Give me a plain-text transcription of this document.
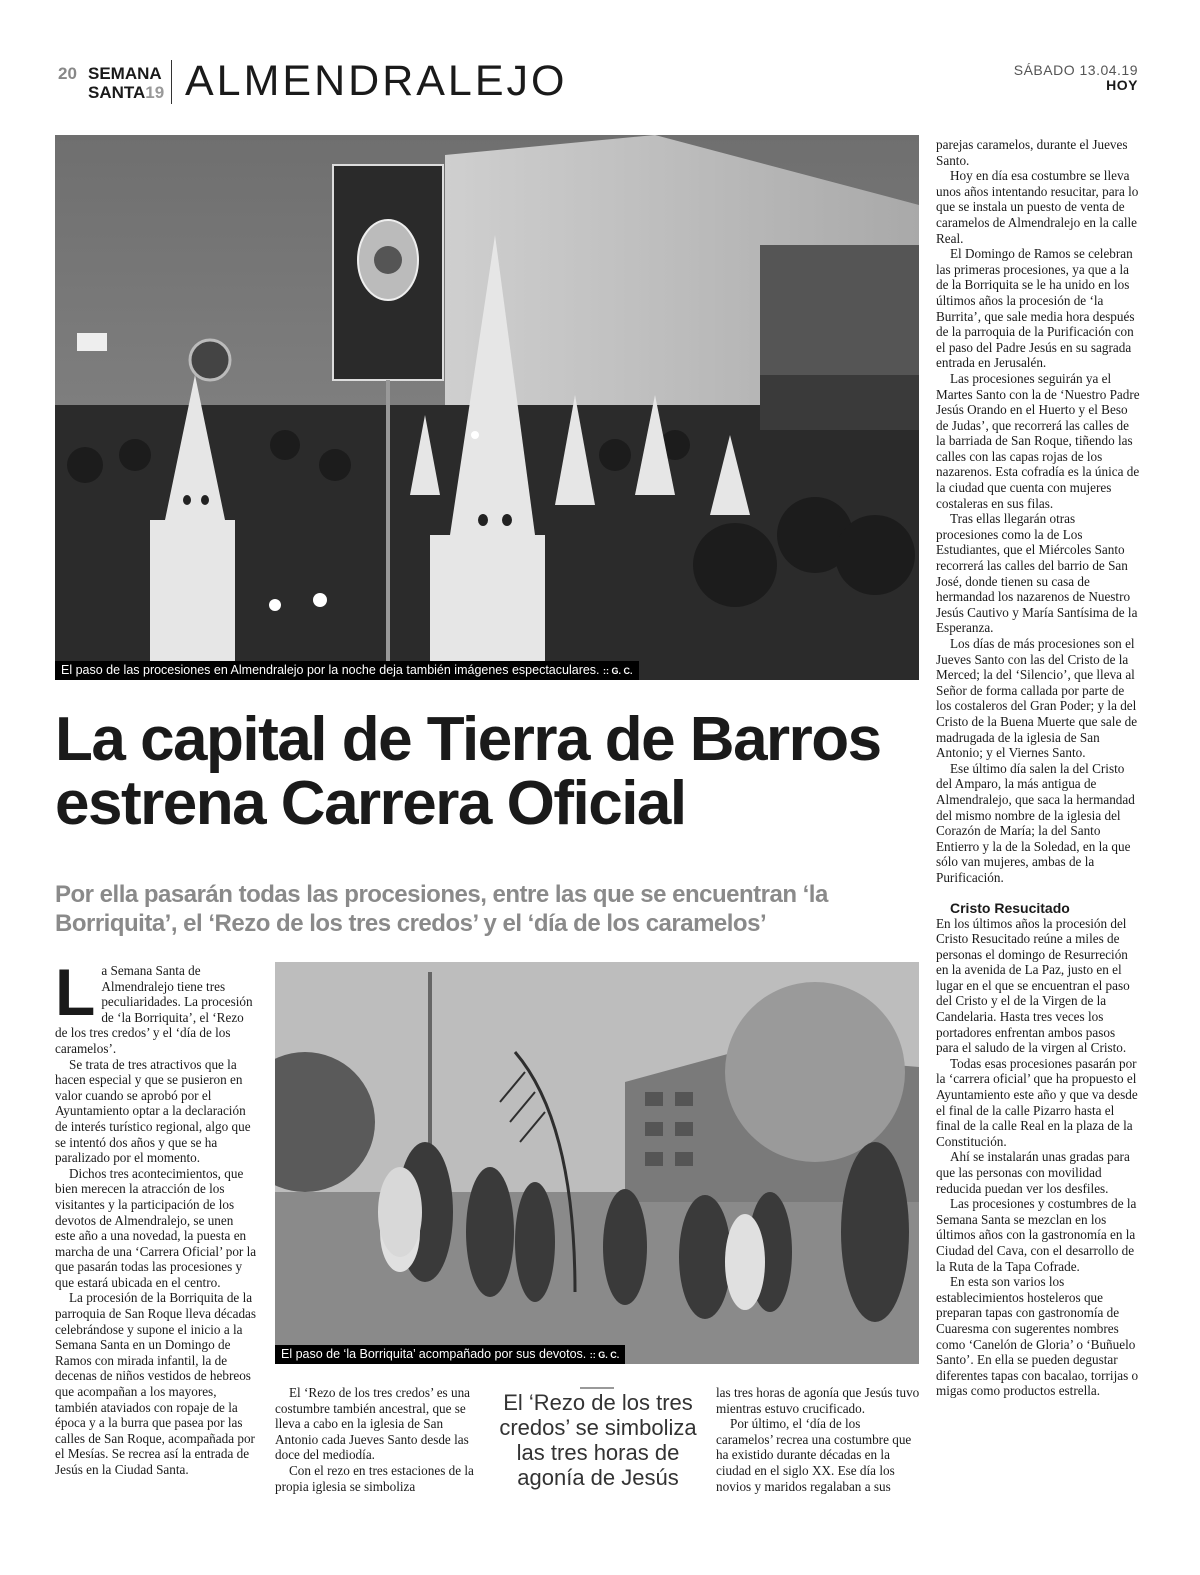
20 SEMANA
SANTA19 ALMENDRALEJO	SÁBADO 13.04.19
HOY
El paso de las procesiones en Almendralejo por la noche deja también imágenes espectaculares. :: G. C.
La capital de Tierra de Barros estrena Carrera Oficial
Por ella pasarán todas las procesiones, entre las que se encuentran ‘la Borriquita’, el ‘Rezo de los tres credos’ y el ‘día de los caramelos’
El paso de ‘la Borriquita’ acompañado por sus devotos. :: G. C.

La Semana Santa de Almendralejo tiene tres peculiaridades. La procesión de ‘la Borriquita’, el ‘Rezo de los tres credos’ y el ‘día de los caramelos’.

Se trata de tres atractivos que la hacen especial y que se pusieron en valor cuando se aprobó por el Ayuntamiento optar a la declaración de interés turístico regional, algo que se intentó dos años y que se ha paralizado por el momento.

Dichos tres acontecimientos, que bien merecen la atracción de los visitantes y la participación de los devotos de Almendralejo, se unen este año a una novedad, la puesta en marcha de una ‘Carrera Oficial’ por la que pasarán todas las procesiones y que estará ubicada en el centro.

La procesión de la Borriquita de la parroquia de San Roque lleva décadas celebrándose y supone el inicio a la Semana Santa en un Domingo de Ramos con mirada infantil, la de decenas de niños vestidos de hebreos que acompañan a los mayores, también ataviados con ropaje de la época y a la burra que pasea por las calles de San Roque, acompañada por el Mesías. Se recrea así la entrada de Jesús en la Ciudad Santa.

El ‘Rezo de los tres credos’ es una costumbre también ancestral, que se lleva a cabo en la iglesia de San Antonio cada Jueves Santo desde las doce del mediodía.

Con el rezo en tres estaciones de la propia iglesia se simboliza

El ‘Rezo de los tres credos’ se simboliza las tres horas de agonía de Jesús

las tres horas de agonía que Jesús tuvo mientras estuvo crucificado.

Por último, el ‘día de los caramelos’ recrea una costumbre que ha existido durante décadas en la ciudad en el siglo XX. Ese día los novios y maridos regalaban a sus

parejas caramelos, durante el Jueves Santo.

Hoy en día esa costumbre se lleva unos años intentando resucitar, para lo que se instala un puesto de venta de caramelos de Almendralejo en la calle Real.

El Domingo de Ramos se celebran las primeras procesiones, ya que a la de la Borriquita se le ha unido en los últimos años la procesión de ‘la Burrita’, que sale media hora después de la parroquia de la Purificación con el paso del Padre Jesús en su sagrada entrada en Jerusalén.

Las procesiones seguirán ya el Martes Santo con la de ‘Nuestro Padre Jesús Orando en el Huerto y el Beso de Judas’, que recorrerá las calles de la barriada de San Roque, tiñendo las calles con las capas rojas de los nazarenos. Esta cofradía es la única de la ciudad que cuenta con mujeres costaleras en sus filas.

Tras ellas llegarán otras procesiones como la de Los Estudiantes, que el Miércoles Santo recorrerá las calles del barrio de San José, donde tienen su casa de hermandad los nazarenos de Nuestro Jesús Cautivo y María Santísima de la Esperanza.

Los días de más procesiones son el Jueves Santo con las del Cristo de la Merced; la del ‘Silencio’, que lleva al Señor de forma callada por parte de los costaleros del Gran Poder; y la del Cristo de la Buena Muerte que sale de madrugada de la iglesia de San Antonio; y el Viernes Santo.

Ese último día salen la del Cristo del Amparo, la más antigua de Almendralejo, que saca la hermandad del mismo nombre de la iglesia del Corazón de María; la del Santo Entierro y la de la Soledad, en la que sólo van mujeres, ambas de la Purificación.

Cristo Resucitado

En los últimos años la procesión del Cristo Resucitado reúne a miles de personas el domingo de Resurreción en la avenida de La Paz, justo en el lugar en el que se encuentran el paso del Cristo y el de la Virgen de la Candelaria. Hasta tres veces los portadores enfrentan ambos pasos para el saludo de la virgen al Cristo.

Todas esas procesiones pasarán por la ‘carrera oficial’ que ha propuesto el Ayuntamiento este año y que va desde el final de la calle Pizarro hasta el final de la calle Real en la plaza de la Constitución.

Ahí se instalarán unas gradas para que las personas con movilidad reducida puedan ver los desfiles.

Las procesiones y costumbres de la Semana Santa se mezclan en los últimos años con la gastronomía en la Ciudad del Cava, con el desarrollo de la Ruta de la Tapa Cofrade.

En esta son varios los establecimientos hosteleros que preparan tapas con gastronomía de Cuaresma con sugerentes nombres como ‘Canelón de Gloria’ o ‘Buñuelo Santo’. En ella se pueden degustar diferentes tapas con bacalao, torrijas o migas como productos estrella.
